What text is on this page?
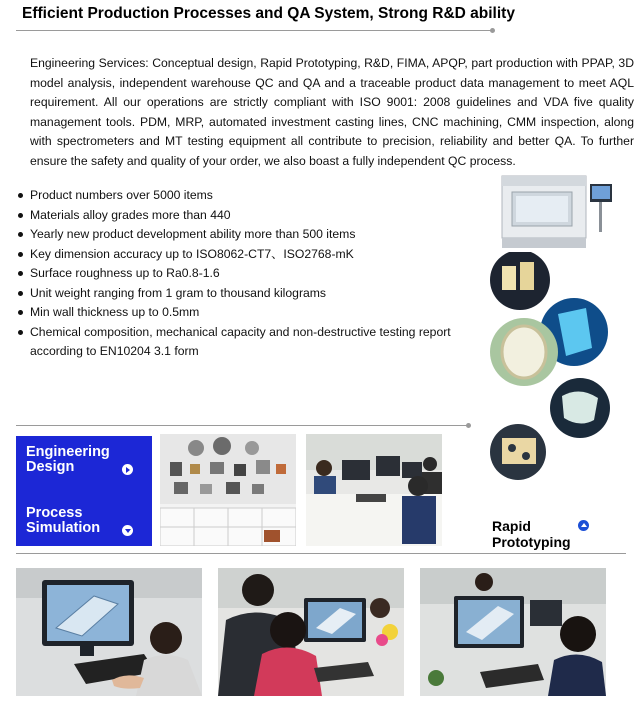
Efficient Production Processes and QA System, Strong R&D ability
Engineering Services: Conceptual design, Rapid Prototyping, R&D, FIMA, APQP, part production with PPAP, 3D model analysis, independent warehouse QC and QA and a traceable product data management to meet AQL requirement. All our operations are strictly compliant with ISO 9001: 2008 guidelines and VDA five quality management tools. PDM, MRP, automated investment casting lines, CNC machining, CMM inspection, along with spectrometers and MT testing equipment all contribute to precision, reliability and better QA. To further ensure the safety and quality of your order, we also boast a fully independent QC process.
Product numbers over 5000 items
Materials alloy grades more than 440
Yearly new product development ability more than 500 items
Key dimension accuracy up to ISO8062-CT7、ISO2768-mK
Surface roughness up to Ra0.8-1.6
Unit weight ranging from 1 gram to thousand kilograms
Min wall thickness up to 0.5mm
Chemical composition, mechanical capacity and non-destructive testing report according to EN10204 3.1 form
Engineering Design
Process Simulation	Rapid Prototyping
